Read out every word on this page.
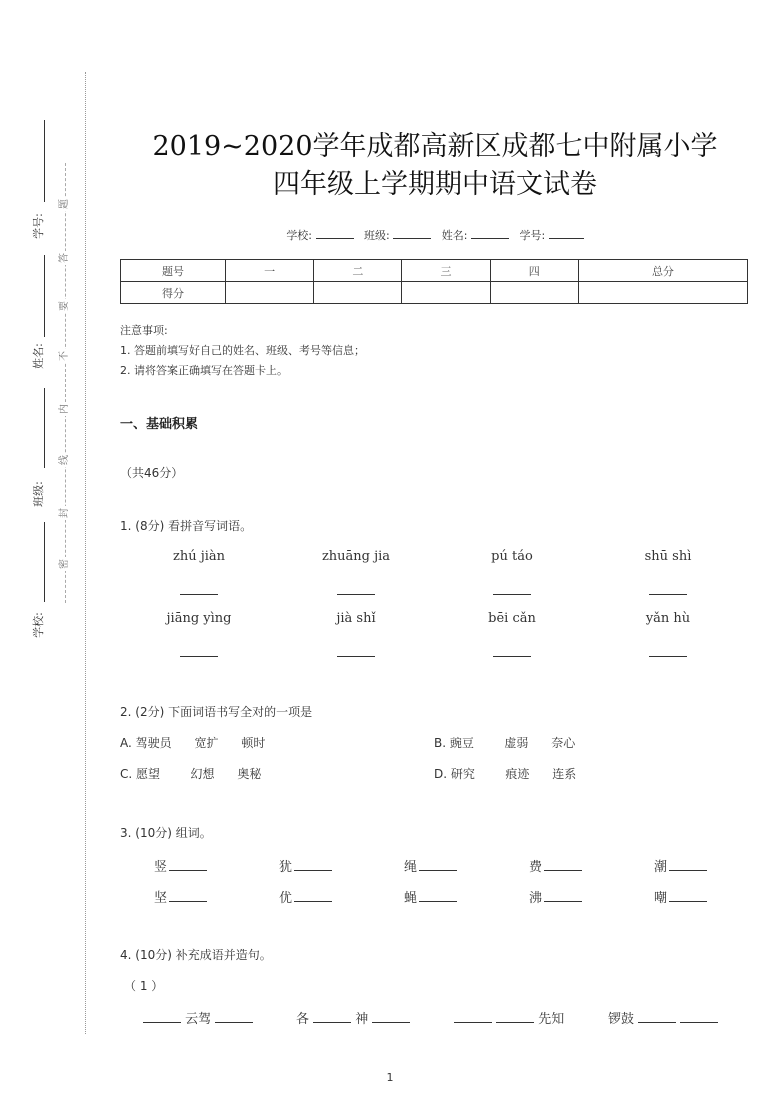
题
答
要
不
内
线
封
密
学号:
姓名:
班级:
学校:
2019~2020学年成都高新区成都七中附属小学
四年级上学期期中语文试卷
学校:	班级:	姓名:	学号:
题号	一	二	三	四	总分
得分					
注意事项:
1. 答题前填写好自己的姓名、班级、考号等信息；
2. 请将答案正确填写在答题卡上。
一、基础积累
（共46分）
1. (8分) 看拼音写词语。
zhú jiàn	zhuāng jia	pú táo	shū shì
jiāng yìng	jià shǐ	bēi cǎn	yǎn hù
2. (2分) 下面词语书写全对的一项是
A. 驾驶员      宽扩      顿时	B. 豌豆        虚弱      奈心
C. 愿望        幻想      奥秘	D. 研究        痕迹      连系
3. (10分) 组词。
竖	犹	绳	费	潮
坚	优	蝇	沸	嘲
4. (10分) 补充成语并造句。
（ 1 ）
云驾	各	神	先知	锣鼓
1
